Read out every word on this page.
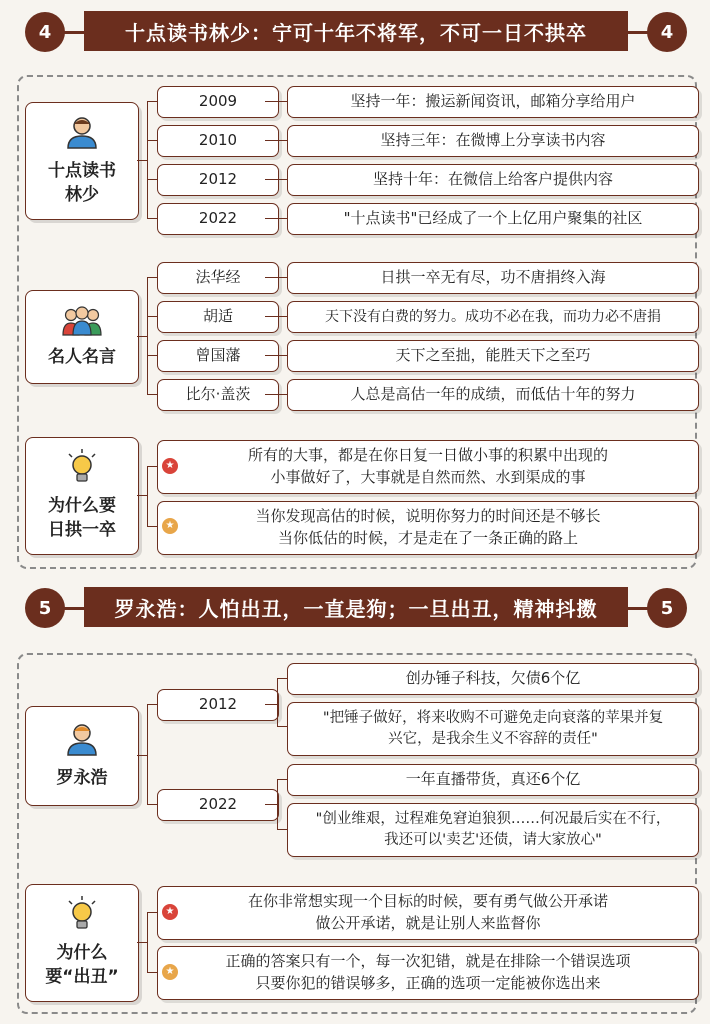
4	4
十点读书林少：宁可十年不将军，不可一日不拱卒
十点读书
林少
2009	坚持一年：搬运新闻资讯，邮箱分享给用户
2010	坚持三年：在微博上分享读书内容
2012	坚持十年：在微信上给客户提供内容
2022	"十点读书"已经成了一个上亿用户聚集的社区
名人名言
法华经	日拱一卒无有尽，功不唐捐终入海
胡适	天下没有白费的努力。成功不必在我，而功力必不唐捐
曾国藩	天下之至拙，能胜天下之至巧
比尔·盖茨	人总是高估一年的成绩，而低估十年的努力
为什么要
日拱一卒
所有的大事，都是在你日复一日做小事的积累中出现的
小事做好了，大事就是自然而然、水到渠成的事
★
当你发现高估的时候，说明你努力的时间还是不够长
当你低估的时候，才是走在了一条正确的路上
★
5	5
罗永浩：人怕出丑，一直是狗；一旦出丑，精神抖擞
罗永浩
2012
创办锤子科技，欠债6个亿
"把锤子做好，将来收购不可避免走向衰落的苹果并复
兴它，是我余生义不容辞的责任"
2022
一年直播带货，真还6个亿
"创业维艰，过程难免窘迫狼狈……何况最后实在不行，
我还可以'卖艺'还债，请大家放心"
为什么
要“出丑”
在你非常想实现一个目标的时候，要有勇气做公开承诺
做公开承诺，就是让别人来监督你
★
正确的答案只有一个，每一次犯错，就是在排除一个错误选项
只要你犯的错误够多，正确的选项一定能被你选出来
★
